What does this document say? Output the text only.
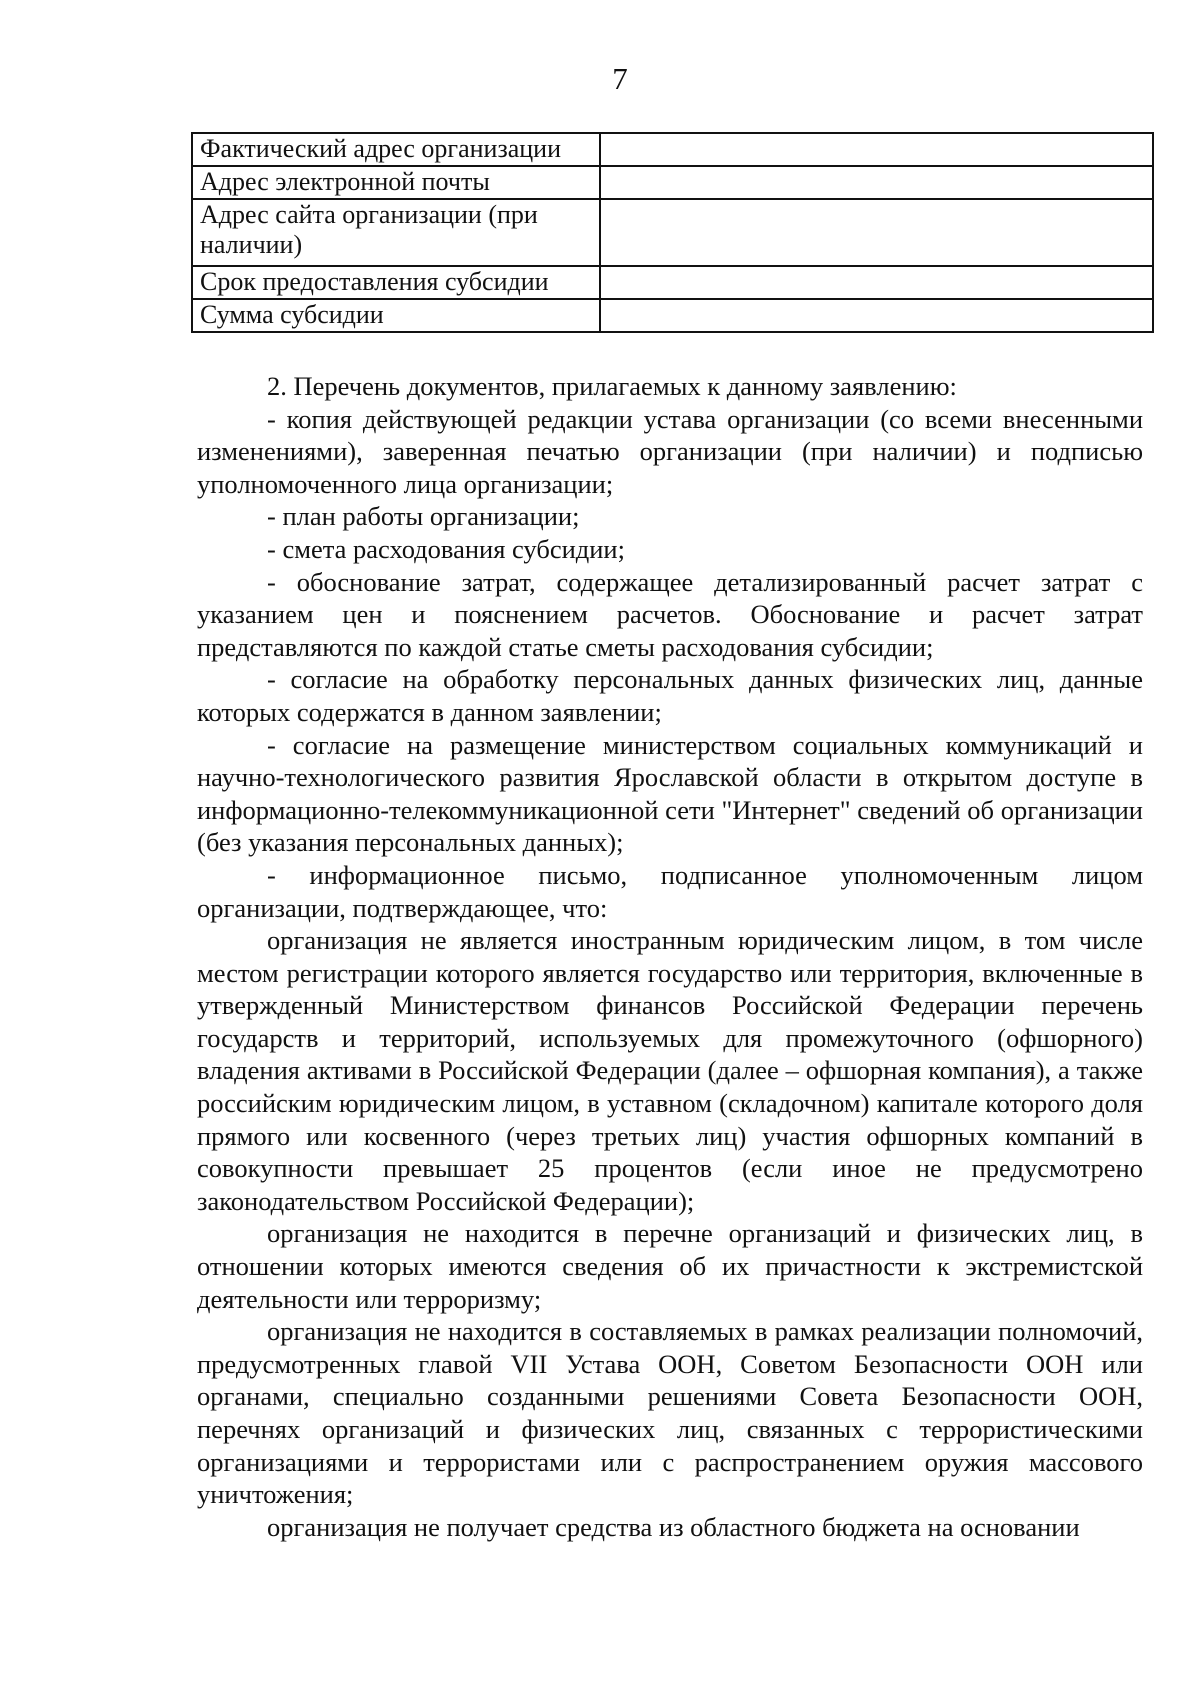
7
Фактический адрес организации	
Адрес электронной почты	
Адрес сайта организации (при наличии)	
Срок предоставления субсидии	
Сумма субсидии	

2. Перечень документов, прилагаемых к данному заявлению:

- копия действующей редакции устава организации (со всеми внесенными изменениями), заверенная печатью организации (при наличии) и подписью уполномоченного лица организации;

- план работы организации;

- смета расходования субсидии;

- обоснование затрат, содержащее детализированный расчет затрат с указанием цен и пояснением расчетов. Обоснование и расчет затрат представляются по каждой статье сметы расходования субсидии;

- согласие на обработку персональных данных физических лиц, данные которых содержатся в данном заявлении;

- согласие на размещение министерством социальных коммуникаций и научно-технологического развития Ярославской области в открытом доступе в информационно-телекоммуникационной сети "Интернет" сведений об организации (без указания персональных данных);

- информационное письмо, подписанное уполномоченным лицом организации, подтверждающее, что:

организация не является иностранным юридическим лицом, в том числе местом регистрации которого является государство или территория, включенные в утвержденный Министерством финансов Российской Федерации перечень государств и территорий, используемых для промежуточного (офшорного) владения активами в Российской Федерации (далее – офшорная компания), а также российским юридическим лицом, в уставном (складочном) капитале которого доля прямого или косвенного (через третьих лиц) участия офшорных компаний в совокупности превышает 25 процентов (если иное не предусмотрено законодательством Российской Федерации);

организация не находится в перечне организаций и физических лиц, в отношении которых имеются сведения об их причастности к экстремистской деятельности или терроризму;

организация не находится в составляемых в рамках реализации полномочий, предусмотренных главой VII Устава ООН, Советом Безопасности ООН или органами, специально созданными решениями Совета Безопасности ООН, перечнях организаций и физических лиц, связанных с террористическими организациями и террористами или с распространением оружия массового уничтожения;

организация не получает средства из областного бюджета на основании
